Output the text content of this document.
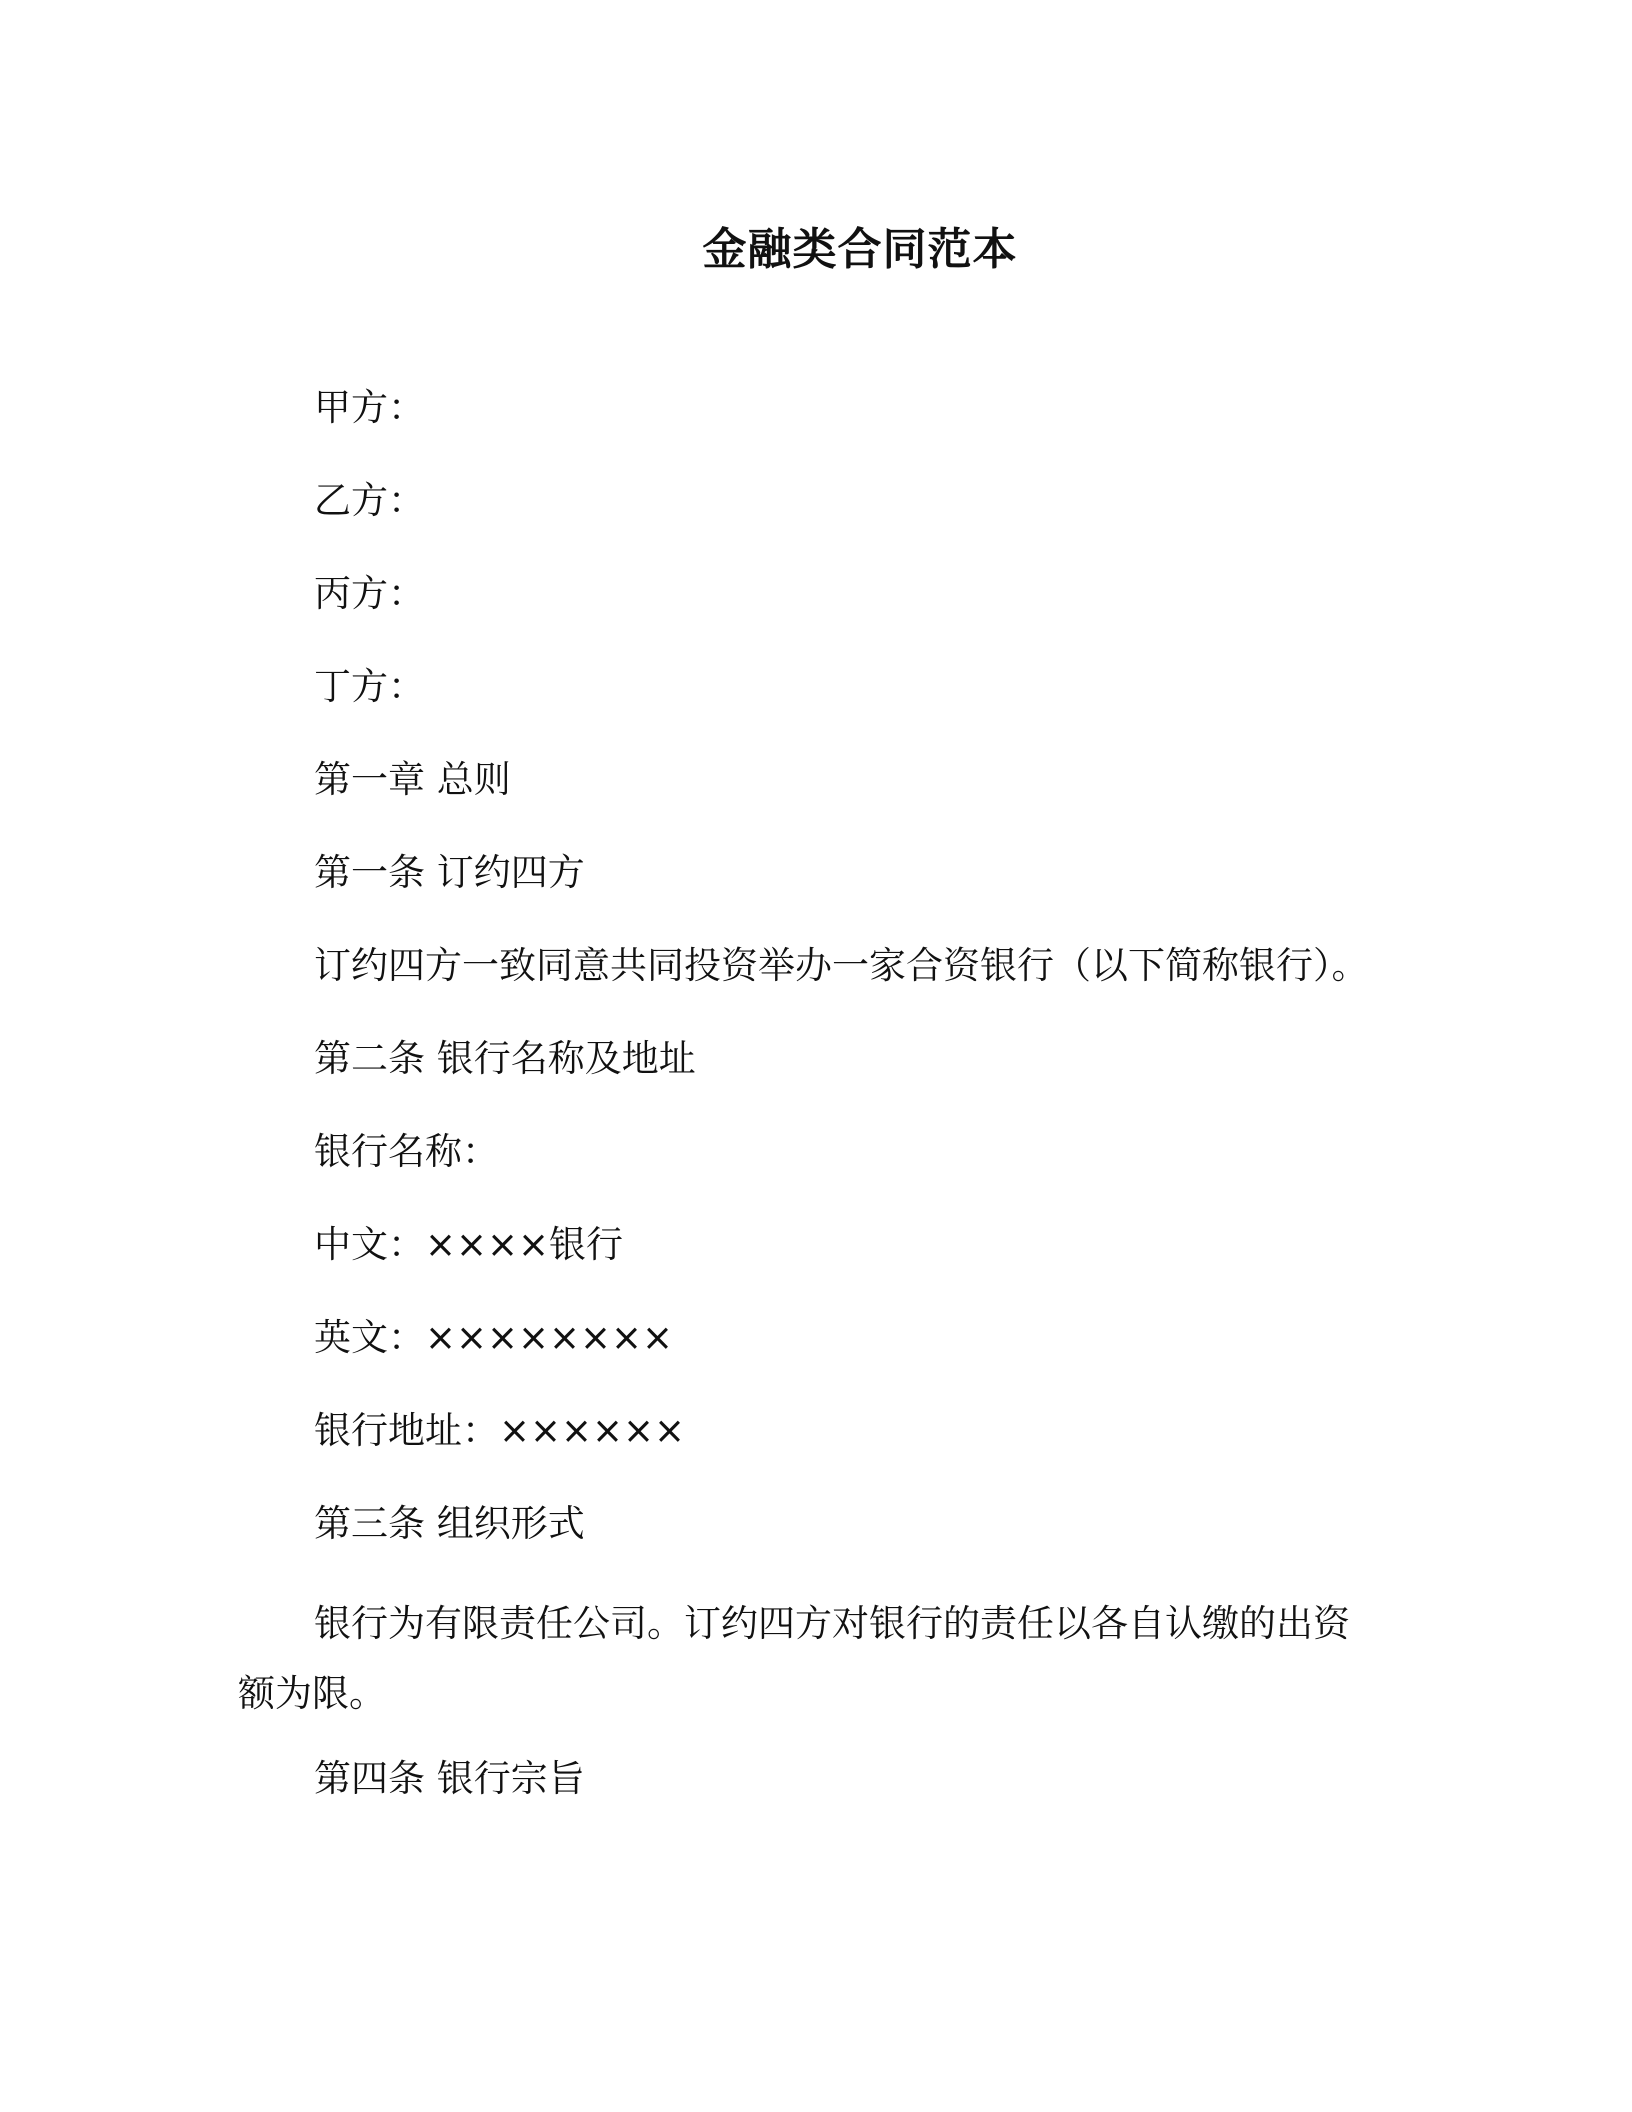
金融类合同范本

甲方：

乙方：

丙方：

丁方：

第一章 总则

第一条 订约四方

订约四方一致同意共同投资举办一家合资银行（以下简称银行）。

第二条 银行名称及地址

银行名称：

中文：××××银行

英文：××××××××

银行地址：××××××

第三条 组织形式

银行为有限责任公司。订约四方对银行的责任以各自认缴的出资额为限。

第四条 银行宗旨
